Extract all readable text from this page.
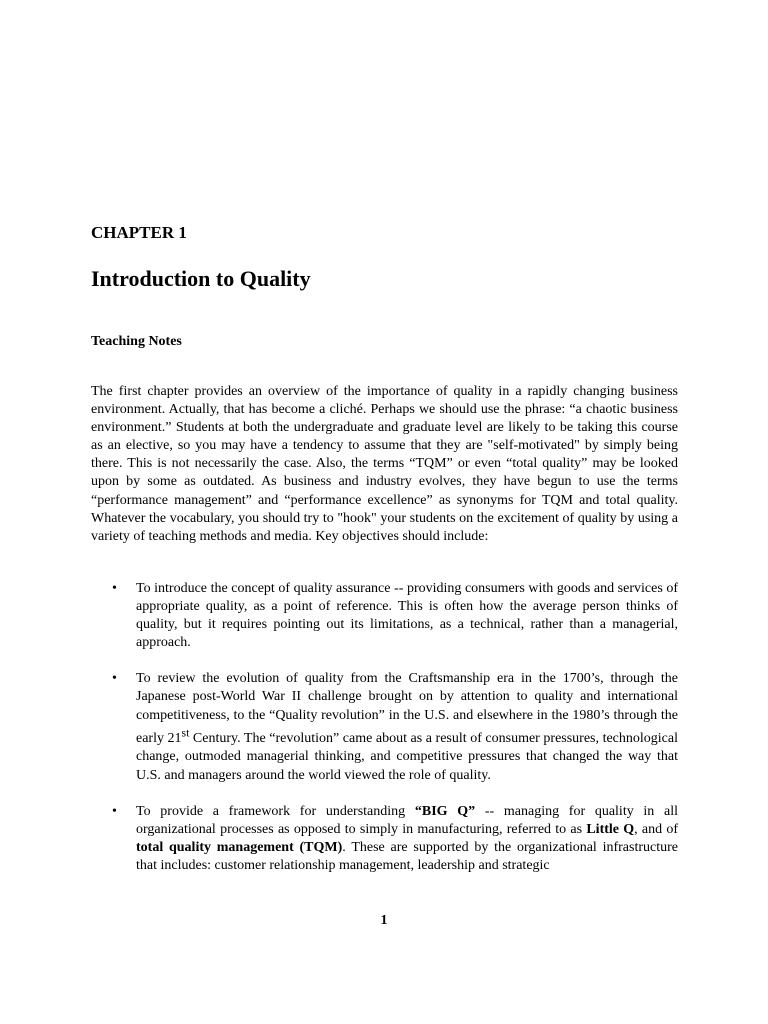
CHAPTER 1
Introduction to Quality
Teaching Notes

The first chapter provides an overview of the importance of quality in a rapidly changing business environment. Actually, that has become a cliché. Perhaps we should use the phrase: “a chaotic business environment.” Students at both the undergraduate and graduate level are likely to be taking this course as an elective, so you may have a tendency to assume that they are "self-motivated" by simply being there. This is not necessarily the case. Also, the terms “TQM” or even “total quality” may be looked upon by some as outdated. As business and industry evolves, they have begun to use the terms “performance management” and “performance excellence” as synonyms for TQM and total quality. Whatever the vocabulary, you should try to "hook" your students on the excitement of quality by using a variety of teaching methods and media. Key objectives should include:

• To introduce the concept of quality assurance -- providing consumers with goods and services of appropriate quality, as a point of reference. This is often how the average person thinks of quality, but it requires pointing out its limitations, as a technical, rather than a managerial, approach.
• To review the evolution of quality from the Craftsmanship era in the 1700’s, through the Japanese post-World War II challenge brought on by attention to quality and international competitiveness, to the “Quality revolution” in the U.S. and elsewhere in the 1980’s through the early 21st Century. The “revolution” came about as a result of consumer pressures, technological change, outmoded managerial thinking, and competitive pressures that changed the way that U.S. and managers around the world viewed the role of quality.
• To provide a framework for understanding “BIG Q” -- managing for quality in all organizational processes as opposed to simply in manufacturing, referred to as Little Q, and of total quality management (TQM). These are supported by the organizational infrastructure that includes: customer relationship management, leadership and strategic
1
